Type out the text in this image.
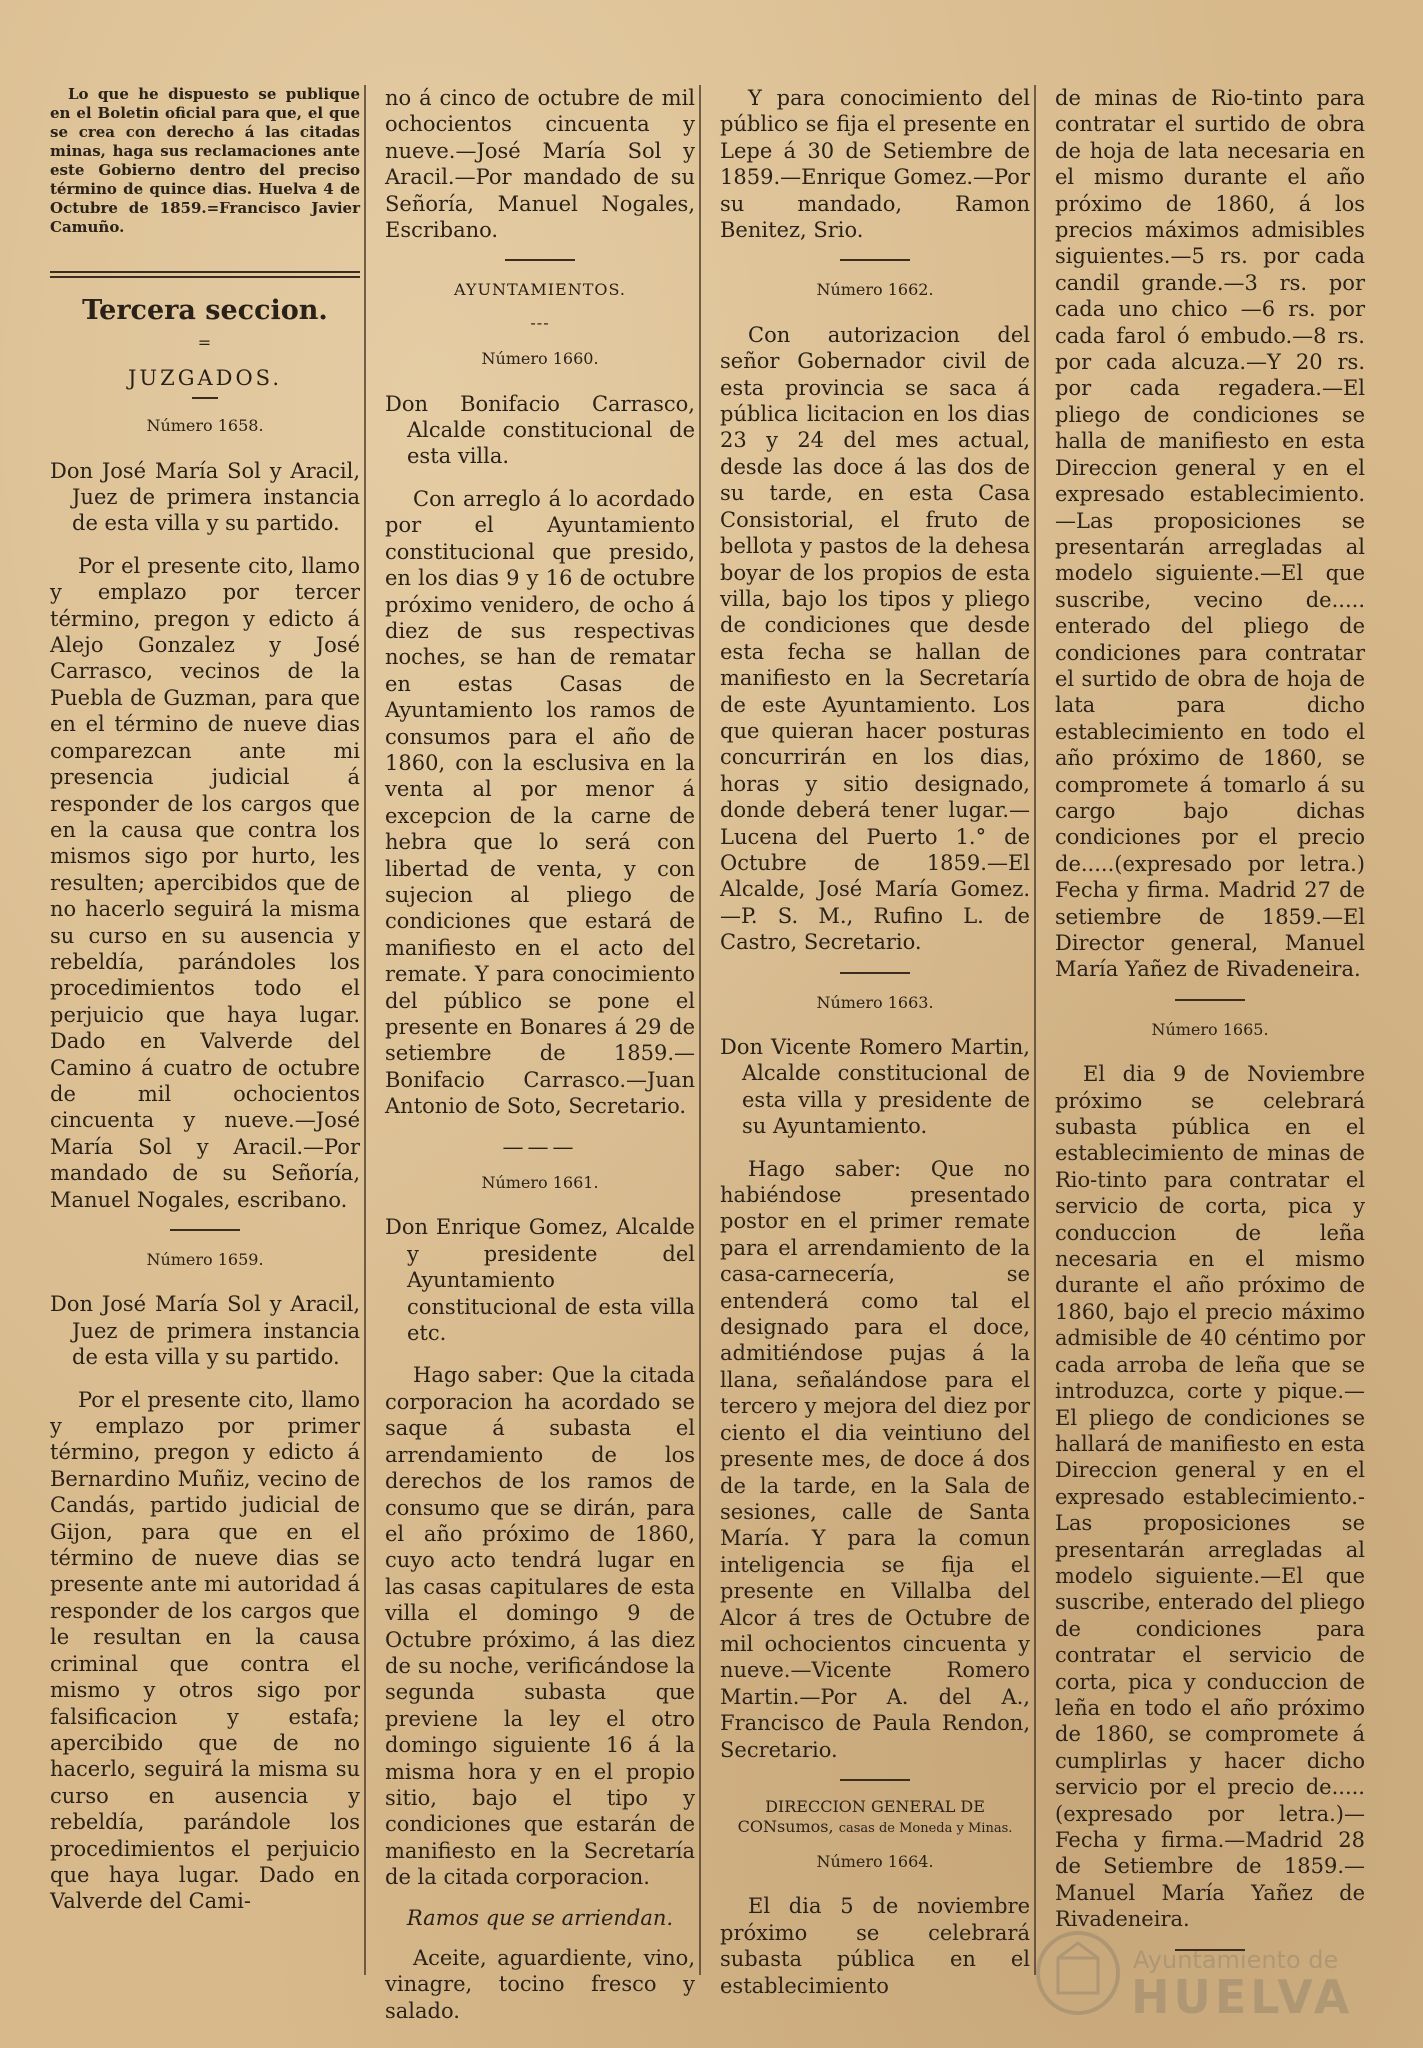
Lo que he dispuesto se publique en el Boletin oficial para que, el que se crea con derecho á las citadas minas, haga sus reclamaciones ante este Gobierno dentro del preciso término de quince dias. Huelva 4 de Octubre de 1859.=Francisco Javier Camuño.

Tercera seccion.

=

JUZGADOS.

Número 1658.

Don José María Sol y Aracil, Juez de primera instancia de esta villa y su partido.

Por el presente cito, llamo y emplazo por tercer término, pregon y edicto á Alejo Gonzalez y José Carrasco, vecinos de la Puebla de Guzman, para que en el término de nueve dias comparezcan ante mi presencia judicial á responder de los cargos que en la causa que contra los mismos sigo por hurto, les resulten; apercibidos que de no hacerlo seguirá la misma su curso en su ausencia y rebeldía, parándoles los procedimientos todo el perjuicio que haya lugar. Dado en Valverde del Camino á cuatro de octubre de mil ochocientos cincuenta y nueve.—José María Sol y Aracil.—Por mandado de su Señoría, Manuel Nogales, escribano.

Número 1659.

Don José María Sol y Aracil, Juez de primera instancia de esta villa y su partido.

Por el presente cito, llamo y emplazo por primer término, pregon y edicto á Bernardino Muñiz, vecino de Candás, partido judicial de Gijon, para que en el término de nueve dias se presente ante mi autoridad á responder de los cargos que le resultan en la causa criminal que contra el mismo y otros sigo por falsificacion y estafa; apercibido que de no hacerlo, seguirá la misma su curso en ausencia y rebeldía, parándole los procedimientos el perjuicio que haya lugar. Dado en Valverde del Cami-

no á cinco de octubre de mil ochocientos cincuenta y nueve.—José María Sol y Aracil.—Por mandado de su Señoría, Manuel Nogales, Escribano.

AYUNTAMIENTOS.

---

Número 1660.

Don Bonifacio Carrasco, Alcalde constitucional de esta villa.

Con arreglo á lo acordado por el Ayuntamiento constitucional que presido, en los dias 9 y 16 de octubre próximo venidero, de ocho á diez de sus respectivas noches, se han de rematar en estas Casas de Ayuntamiento los ramos de consumos para el año de 1860, con la esclusiva en la venta al por menor á excepcion de la carne de hebra que lo será con libertad de venta, y con sujecion al pliego de condiciones que estará de manifiesto en el acto del remate. Y para conocimiento del público se pone el presente en Bonares á 29 de setiembre de 1859.—Bonifacio Carrasco.—Juan Antonio de Soto, Secretario.

———

Número 1661.

Don Enrique Gomez, Alcalde y presidente del Ayuntamiento constitucional de esta villa etc.

Hago saber: Que la citada corporacion ha acordado se saque á subasta el arrendamiento de los derechos de los ramos de consumo que se dirán, para el año próximo de 1860, cuyo acto tendrá lugar en las casas capitulares de esta villa el domingo 9 de Octubre próximo, á las diez de su noche, verificándose la segunda subasta que previene la ley el otro domingo siguiente 16 á la misma hora y en el propio sitio, bajo el tipo y condiciones que estarán de manifiesto en la Secretaría de la citada corporacion.

Ramos que se arriendan.

Aceite, aguardiente, vino, vinagre, tocino fresco y salado.

Y para conocimiento del público se fija el presente en Lepe á 30 de Setiembre de 1859.—Enrique Gomez.—Por su mandado, Ramon Benitez, Srio.

Número 1662.

Con autorizacion del señor Gobernador civil de esta provincia se saca á pública licitacion en los dias 23 y 24 del mes actual, desde las doce á las dos de su tarde, en esta Casa Consistorial, el fruto de bellota y pastos de la dehesa boyar de los propios de esta villa, bajo los tipos y pliego de condiciones que desde esta fecha se hallan de manifiesto en la Secretaría de este Ayuntamiento. Los que quieran hacer posturas concurrirán en los dias, horas y sitio designado, donde deberá tener lugar.—Lucena del Puerto 1.° de Octubre de 1859.—El Alcalde, José María Gomez.—P. S. M., Rufino L. de Castro, Secretario.

Número 1663.

Don Vicente Romero Martin, Alcalde constitucional de esta villa y presidente de su Ayuntamiento.

Hago saber: Que no habiéndose presentado postor en el primer remate para el arrendamiento de la casa-carnecería, se entenderá como tal el designado para el doce, admitiéndose pujas á la llana, señalándose para el tercero y mejora del diez por ciento el dia veintiuno del presente mes, de doce á dos de la tarde, en la Sala de sesiones, calle de Santa María. Y para la comun inteligencia se fija el presente en Villalba del Alcor á tres de Octubre de mil ochocientos cincuenta y nueve.—Vicente Romero Martin.—Por A. del A., Francisco de Paula Rendon, Secretario.

DIRECCION GENERAL DE CONsumos, casas de Moneda y Minas.

Número 1664.

El dia 5 de noviembre próximo se celebrará subasta pública en el establecimiento

de minas de Rio-tinto para contratar el surtido de obra de hoja de lata necesaria en el mismo durante el año próximo de 1860, á los precios máximos admisibles siguientes.—5 rs. por cada candil grande.—3 rs. por cada uno chico —6 rs. por cada farol ó embudo.—8 rs. por cada alcuza.—Y 20 rs. por cada regadera.—El pliego de condiciones se halla de manifiesto en esta Direccion general y en el expresado establecimiento.—Las proposiciones se presentarán arregladas al modelo siguiente.—El que suscribe, vecino de..... enterado del pliego de condiciones para contratar el surtido de obra de hoja de lata para dicho establecimiento en todo el año próximo de 1860, se compromete á tomarlo á su cargo bajo dichas condiciones por el precio de.....(expresado por letra.) Fecha y firma. Madrid 27 de setiembre de 1859.—El Director general, Manuel María Yañez de Rivadeneira.

Número 1665.

El dia 9 de Noviembre próximo se celebrará subasta pública en el establecimiento de minas de Rio-tinto para contratar el servicio de corta, pica y conduccion de leña necesaria en el mismo durante el año próximo de 1860, bajo el precio máximo admisible de 40 céntimo por cada arroba de leña que se introduzca, corte y pique.—El pliego de condiciones se hallará de manifiesto en esta Direccion general y en el expresado establecimiento.-Las proposiciones se presentarán arregladas al modelo siguiente.—El que suscribe, enterado del pliego de condiciones para contratar el servicio de corta, pica y conduccion de leña en todo el año próximo de 1860, se compromete á cumplirlas y hacer dicho servicio por el precio de..... (expresado por letra.)—Fecha y firma.—Madrid 28 de Setiembre de 1859.—Manuel María Yañez de Rivadeneira.

Ayuntamiento de
HUELVA
